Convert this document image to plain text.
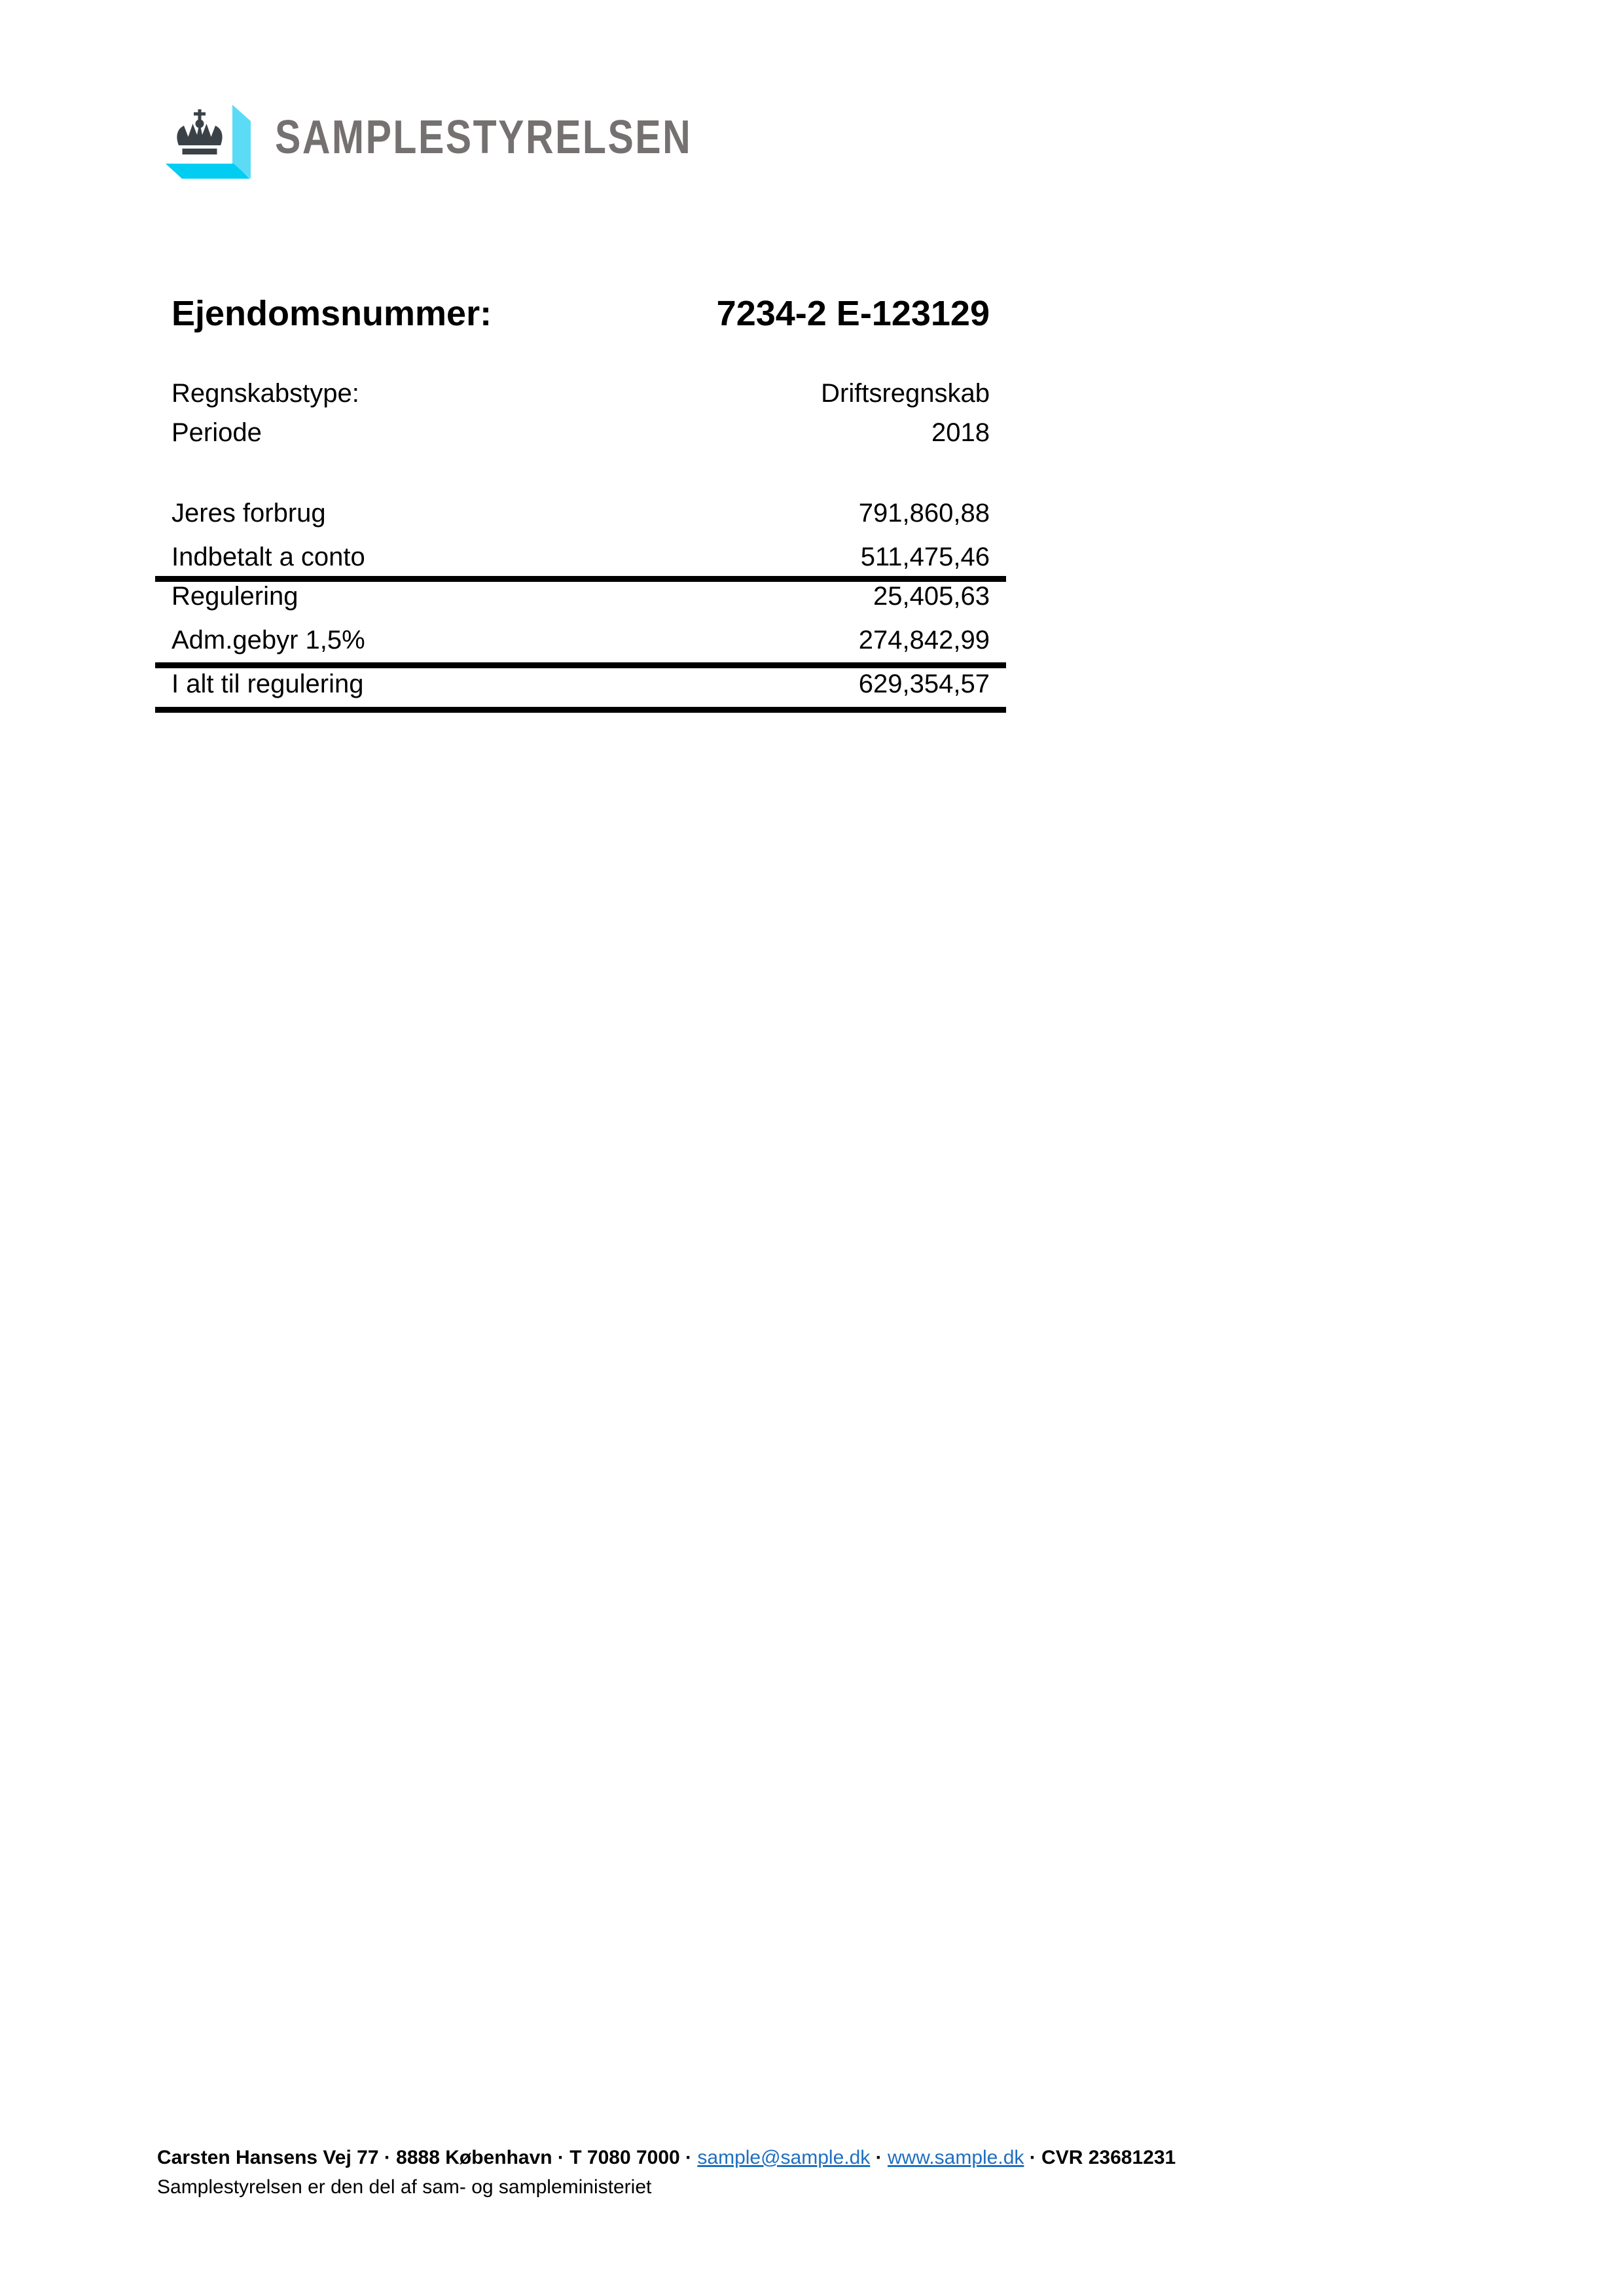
SAMPLESTYRELSEN
Ejendomsnummer:	7234-2 E-123129
Regnskabstype:	Driftsregnskab
Periode	2018
Jeres forbrug	791,860,88
Indbetalt a conto	511,475,46
Regulering	25,405,63
Adm.gebyr 1,5%	274,842,99
I alt til regulering	629,354,57
Carsten Hansens Vej 77 · 8888 København · T 7080 7000 · sample@sample.dk · www.sample.dk · CVR 23681231
Samplestyrelsen er den del af sam- og sampleministeriet
